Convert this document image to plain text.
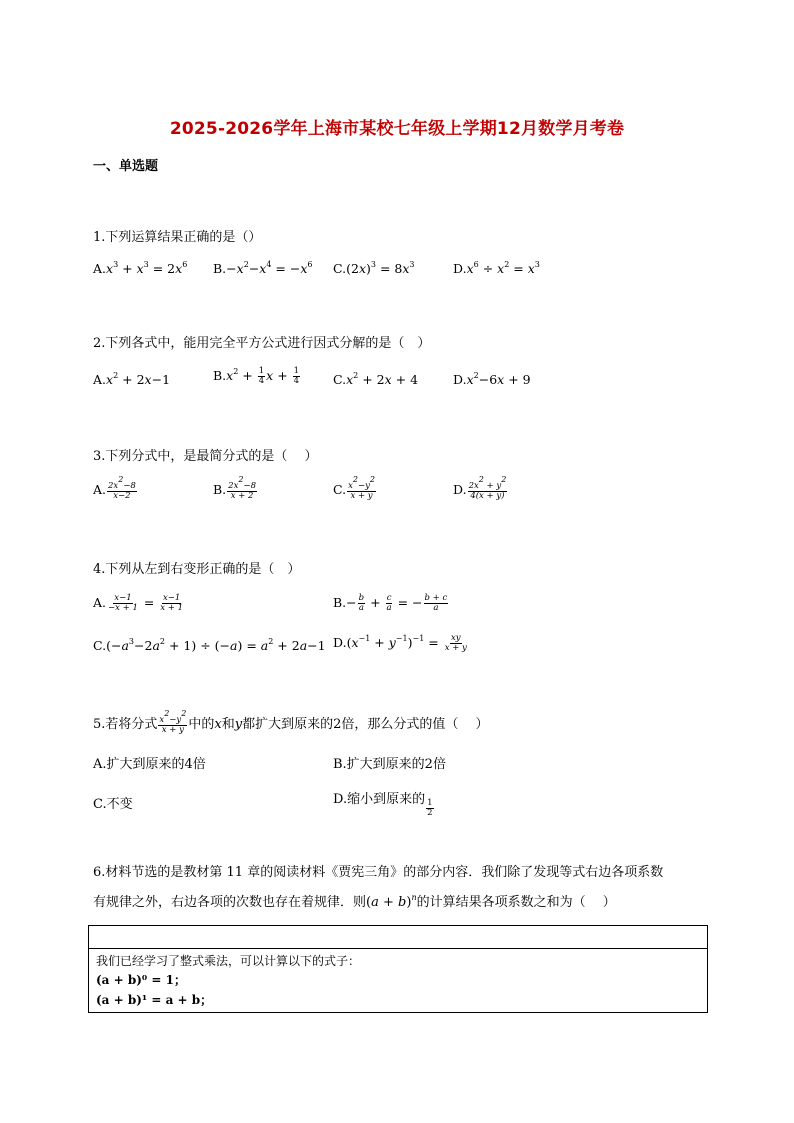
2025-2026学年上海市某校七年级上学期12月数学月考卷
一、单选题
1.下列运算结果正确的是（）
$A.x^3 + x^3 = 2x^6$ $B.-x^2-x^4 = -x^6$ $C.(2x)^3 = 8x^3$	$D.x^6 \div x^2 = x^3$
2.下列各式中，能用完全平方公式进行因式分解的是（　）
$A.x^2 + 2x-1$	$B.x^2 + \frac{1}{4}$ $x + \frac{1}{4}$	$C.x^2 + 2x + 4$	$D.x^2-6x + 9$
3.下列分式中，是最简分式的是（　 ）
A. $\frac{2x^2-8}{x-2}$	B. $\frac{2x^2-8}{x + 2}$	C. $\frac{x^2-y^2}{x + y}$	D. $\frac{2x^2 + y^2}{4(x + y)}$
4.下列从左到右变形正确的是（　）
A. $\frac{x-1}{-x + 1} = \frac{x-1}{x + 1}$	$B.- \frac{b}{a} + \frac{c}{a}$ = − $\frac{b + c}{a}$
$C.(-a^3-2a^2 + 1) \div (-a) = a^2 + 2a-1$ $D.(x^{-1} + y^{-1})^{-1} = \frac{xy}{x + y}$
5.若将分式 $\frac{x^2-y^2}{x + y}$ 中的x和y都扩大到原来的2倍，那么分式的值（　 ）
A.扩大到原来的4倍	B.扩大到原来的2倍
C.不变	D.缩小到原来的 $\frac{1}{2}$
6.材料节选的是教材第 11 章的阅读材料《贾宪三角》的部分内容．我们除了发现等式右边各项系数
有规律之外，右边各项的次数也存在着规律．则$(a + b)^n$的计算结果各项系数之和为（　 ）
我们已经学习了整式乘法，可以计算以下的式子：
(a + b)⁰ = 1；
(a + b)¹ = a + b；
